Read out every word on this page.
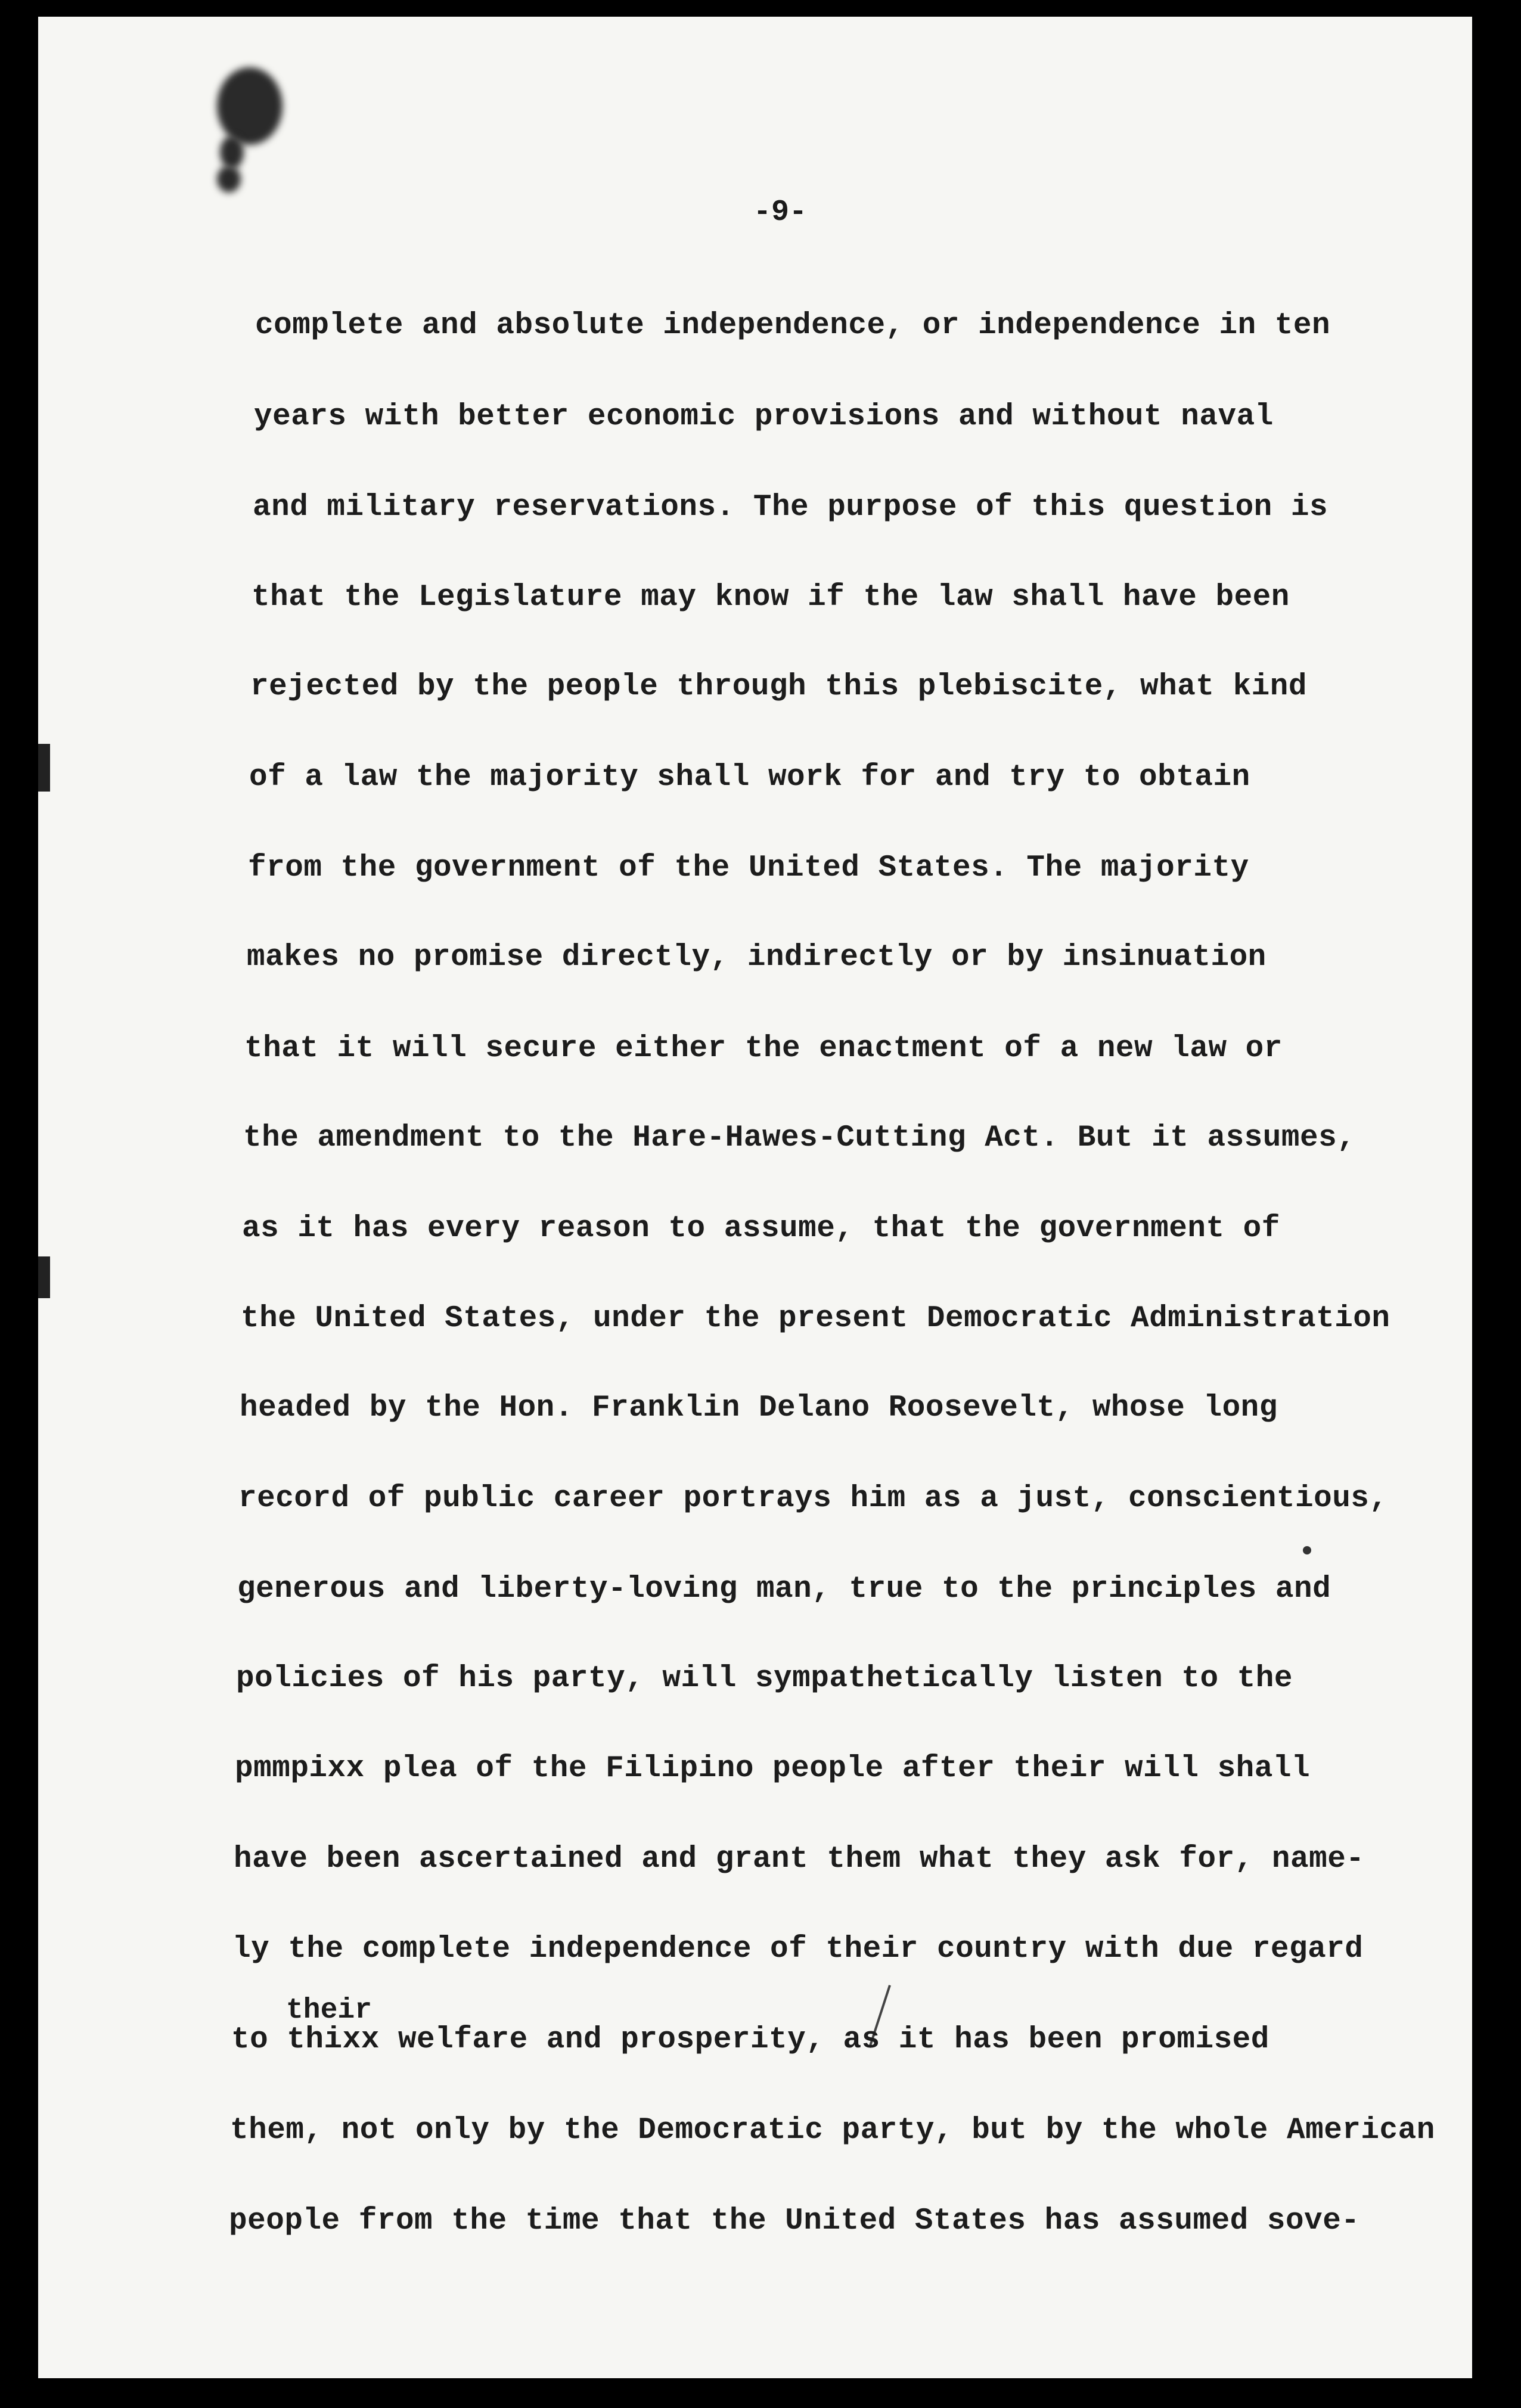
-9-
their
complete and absolute independence, or independence in ten
years with better economic provisions and without naval
and military reservations. The purpose of this question is
that the Legislature may know if the law shall have been
rejected by the people through this plebiscite, what kind
of a law the majority shall work for and try to obtain
from the government of the United States. The majority
makes no promise directly, indirectly or by insinuation
that it will secure either the enactment of a new law or
the amendment to the Hare-Hawes-Cutting Act. But it assumes,
as it has every reason to assume, that the government of
the United States, under the present Democratic Administration
headed by the Hon. Franklin Delano Roosevelt, whose long
record of public career portrays him as a just, conscientious,
generous and liberty-loving man, true to the principles and
policies of his party, will sympathetically listen to the
pmmpixx plea of the Filipino people after their will shall
have been ascertained and grant them what they ask for, name-
ly the complete independence of their country with due regard
to thixx welfare and prosperity, as it has been promised
them, not only by the Democratic party, but by the whole American
people from the time that the United States has assumed sove-
